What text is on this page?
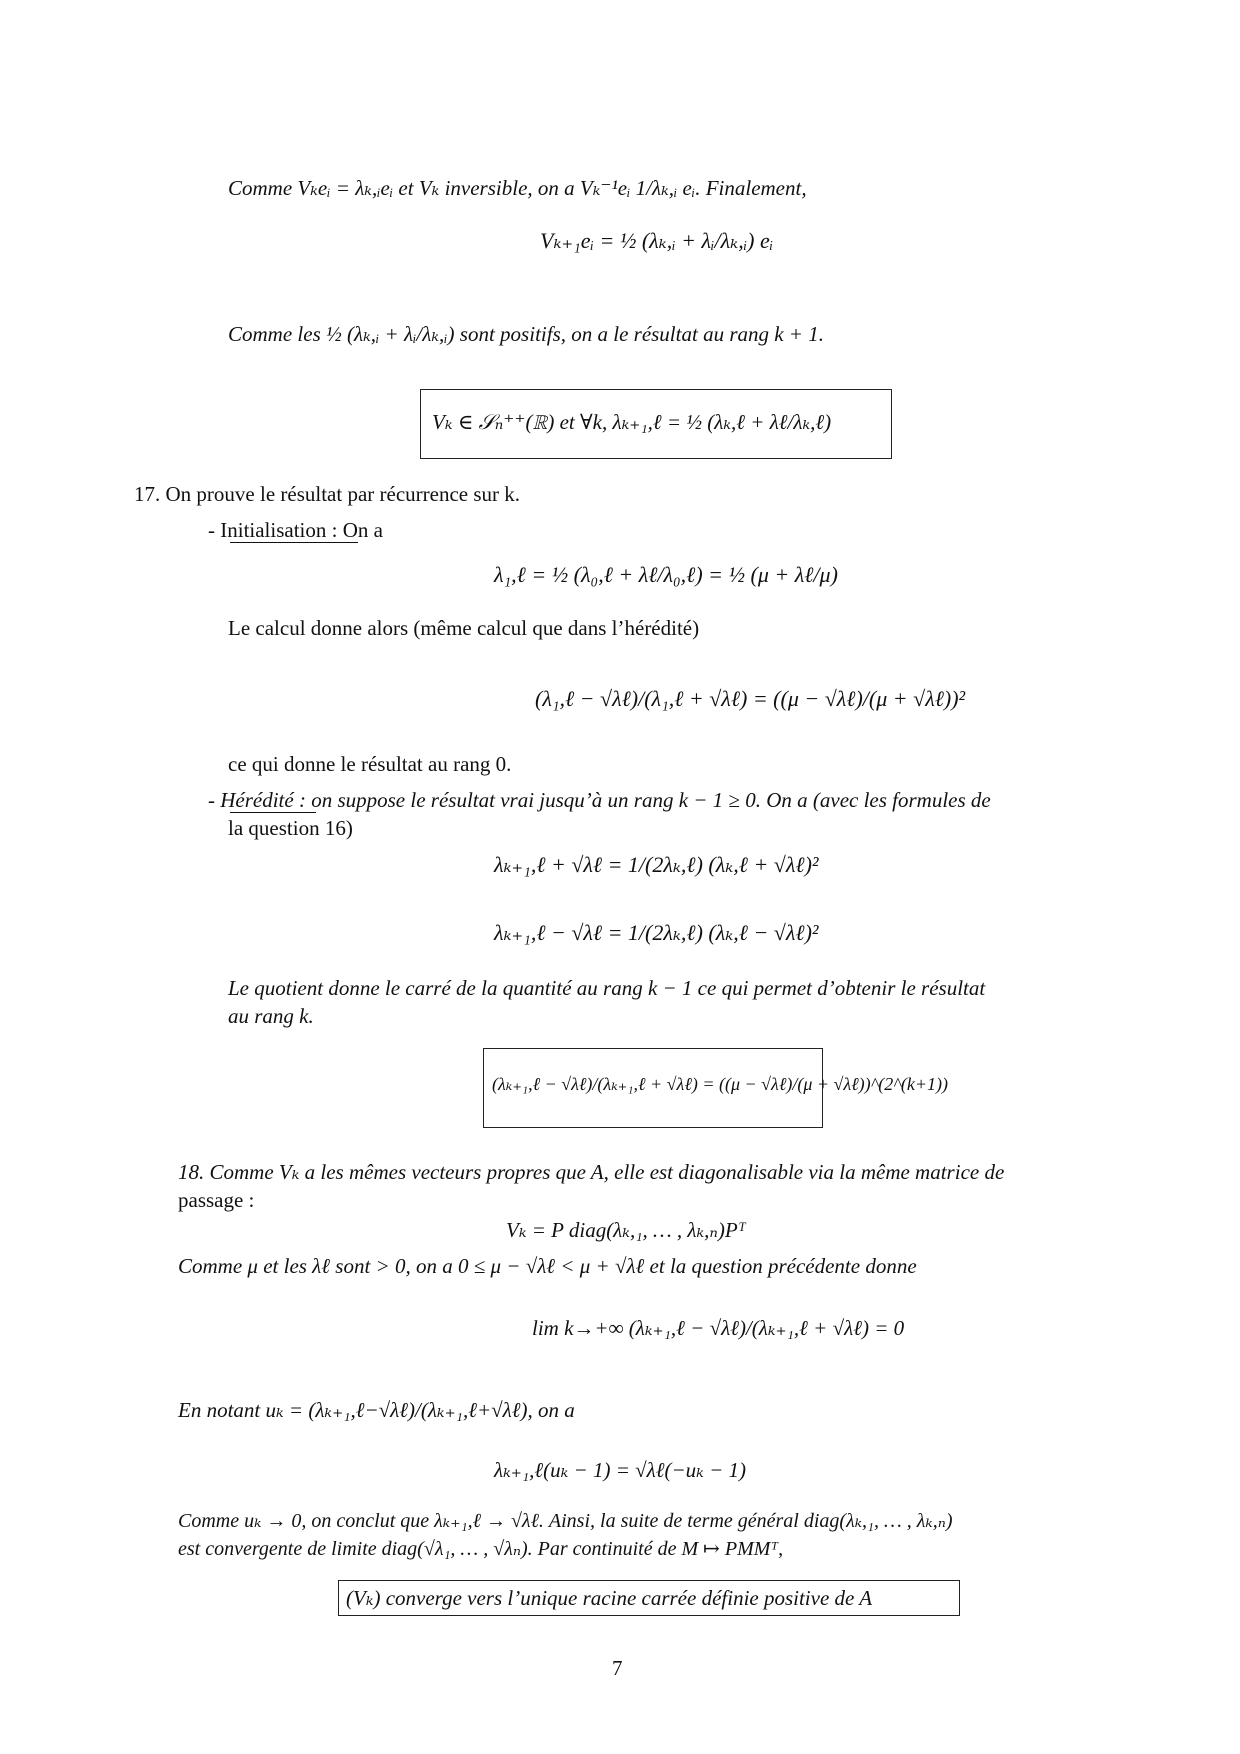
Comme Vₖeᵢ = λₖ,ᵢeᵢ et Vₖ inversible, on a Vₖ⁻¹eᵢ 1/λₖ,ᵢ eᵢ. Finalement,
Vₖ₊₁eᵢ = ½ (λₖ,ᵢ + λᵢ/λₖ,ᵢ) eᵢ
Comme les ½ (λₖ,ᵢ + λᵢ/λₖ,ᵢ) sont positifs, on a le résultat au rang k + 1.
Vₖ ∈ 𝒮ₙ⁺⁺(ℝ) et ∀k, λₖ₊₁,ℓ = ½ (λₖ,ℓ + λℓ/λₖ,ℓ)
17. On prouve le résultat par récurrence sur k.
- Initialisation : On a
λ₁,ℓ = ½ (λ₀,ℓ + λℓ/λ₀,ℓ) = ½ (μ + λℓ/μ)
Le calcul donne alors (même calcul que dans l’hérédité)
(λ₁,ℓ − √λℓ)/(λ₁,ℓ + √λℓ) = ((μ − √λℓ)/(μ + √λℓ))²
ce qui donne le résultat au rang 0.
- Hérédité : on suppose le résultat vrai jusqu’à un rang k − 1 ≥ 0. On a (avec les formules de
la question 16)
λₖ₊₁,ℓ + √λℓ = 1/(2λₖ,ℓ) (λₖ,ℓ + √λℓ)²
λₖ₊₁,ℓ − √λℓ = 1/(2λₖ,ℓ) (λₖ,ℓ − √λℓ)²
Le quotient donne le carré de la quantité au rang k − 1 ce qui permet d’obtenir le résultat
au rang k.
(λₖ₊₁,ℓ − √λℓ)/(λₖ₊₁,ℓ + √λℓ) = ((μ − √λℓ)/(μ + √λℓ))^(2^(k+1))
18. Comme Vₖ a les mêmes vecteurs propres que A, elle est diagonalisable via la même matrice de
passage :
Vₖ = P diag(λₖ,₁, … , λₖ,ₙ)Pᵀ
Comme μ et les λℓ sont > 0, on a 0 ≤ μ − √λℓ < μ + √λℓ et la question précédente donne
lim k→+∞ (λₖ₊₁,ℓ − √λℓ)/(λₖ₊₁,ℓ + √λℓ) = 0
En notant uₖ = (λₖ₊₁,ℓ−√λℓ)/(λₖ₊₁,ℓ+√λℓ), on a
λₖ₊₁,ℓ(uₖ − 1) = √λℓ(−uₖ − 1)
Comme uₖ → 0, on conclut que λₖ₊₁,ℓ → √λℓ. Ainsi, la suite de terme général diag(λₖ,₁, … , λₖ,ₙ)
est convergente de limite diag(√λ₁, … , √λₙ). Par continuité de M ↦ PMMᵀ,
(Vₖ) converge vers l’unique racine carrée définie positive de A
7
